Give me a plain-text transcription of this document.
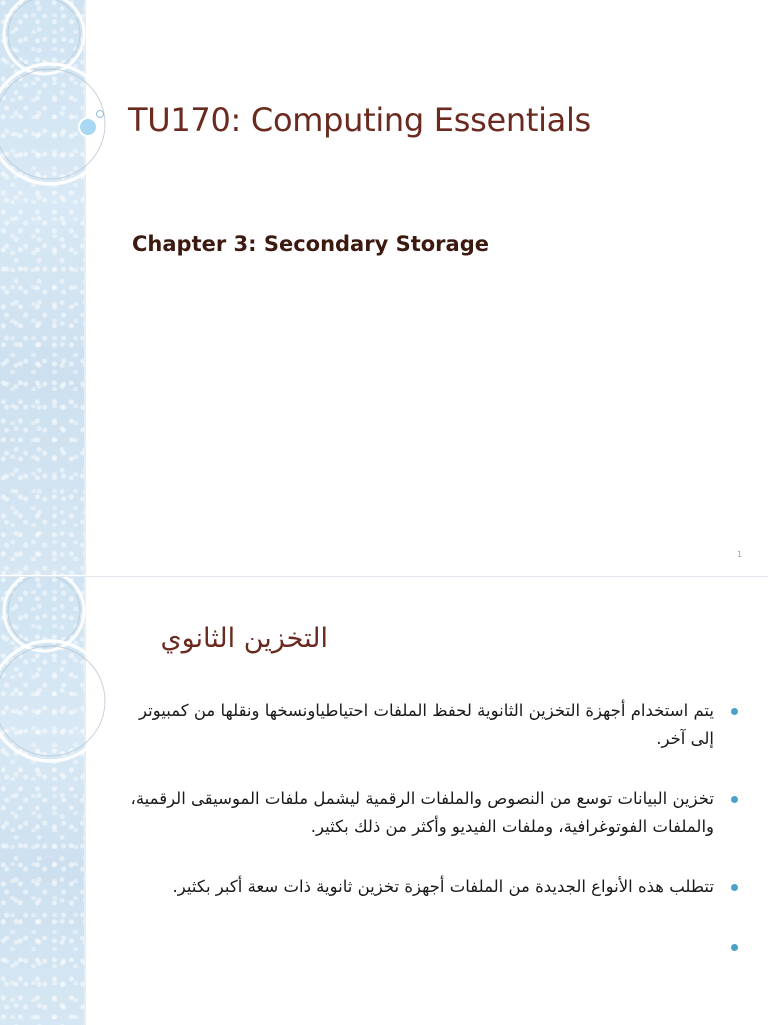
TU170: Computing Essentials
Chapter 3: Secondary Storage
1
التخزين الثانوي
يتم استخدام أجهزة التخزين الثانوية لحفظ الملفات احتياطياونسخها ونقلها من كمبيوتر إلى آخر.
تخزين البيانات توسع من النصوص والملفات الرقمية ليشمل ملفات الموسيقى الرقمية، والملفات الفوتوغرافية، وملفات الفيديو وأكثر من ذلك بكثير.
تتطلب هذه الأنواع الجديدة من الملفات أجهزة تخزين ثانوية ذات سعة أكبر بكثير.
